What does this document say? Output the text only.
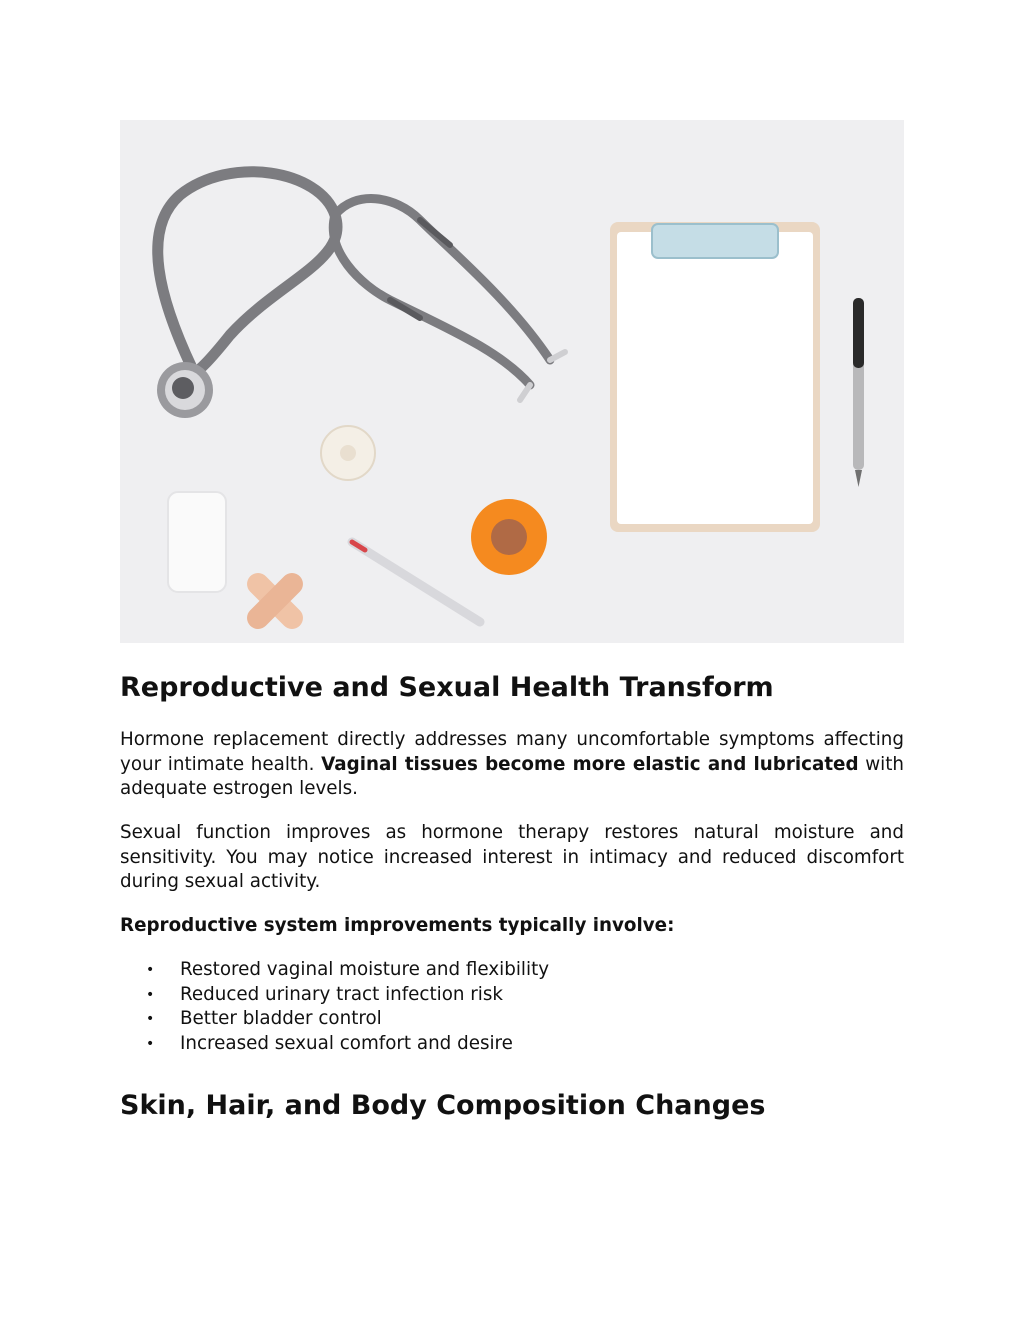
Reproductive and Sexual Health Transform

Hormone replacement directly addresses many uncomfortable symptoms affecting your intimate health. Vaginal tissues become more elastic and lubricated with adequate estrogen levels.

Sexual function improves as hormone therapy restores natural moisture and sensitivity. You may notice increased interest in intimacy and reduced discomfort during sexual activity.

Reproductive system improvements typically involve:

• Restored vaginal moisture and flexibility
• Reduced urinary tract infection risk
• Better bladder control
• Increased sexual comfort and desire
Skin, Hair, and Body Composition Changes
